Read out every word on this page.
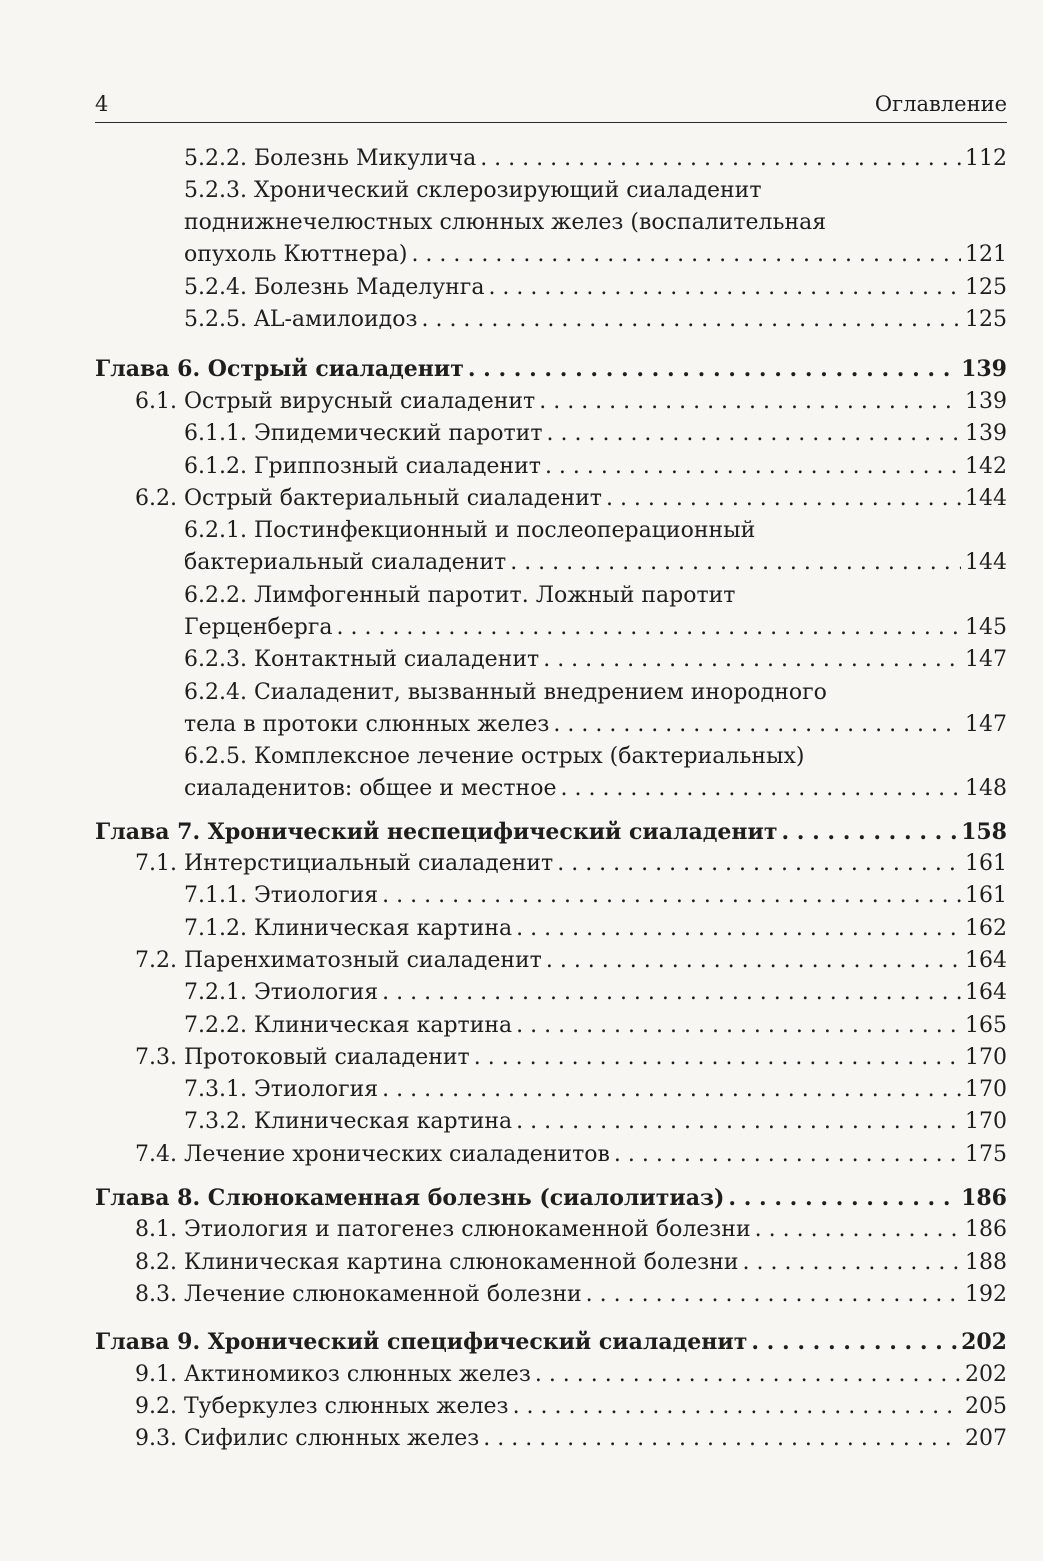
4	Оглавление
5.2.2. Болезнь Микулича . . .	112
5.2.3. Хронический склерозирующий сиаладенит
поднижнечелюстных слюнных желез (воспалительная
опухоль Кюттнера) . . .	121
5.2.4. Болезнь Маделунга . . .	125
5.2.5. AL-амилоидоз . . .	125
Глава 6. Острый сиаладенит . . .	139
6.1. Острый вирусный сиаладенит . . .	139
6.1.1. Эпидемический паротит . . .	139
6.1.2. Гриппозный сиаладенит . . .	142
6.2. Острый бактериальный сиаладенит . . .	144
6.2.1. Постинфекционный и послеоперационный
бактериальный сиаладенит . . .	144
6.2.2. Лимфогенный паротит. Ложный паротит
Герценберга . . .	145
6.2.3. Контактный сиаладенит . . .	147
6.2.4. Сиаладенит, вызванный внедрением инородного
тела в протоки слюнных желез . . .	147
6.2.5. Комплексное лечение острых (бактериальных)
сиаладенитов: общее и местное . . .	148
Глава 7. Хронический неспецифический сиаладенит . . .	158
7.1. Интерстициальный сиаладенит . . .	161
7.1.1. Этиология . . .	161
7.1.2. Клиническая картина . . .	162
7.2. Паренхиматозный сиаладенит . . .	164
7.2.1. Этиология . . .	164
7.2.2. Клиническая картина . . .	165
7.3. Протоковый сиаладенит . . .	170
7.3.1. Этиология . . .	170
7.3.2. Клиническая картина . . .	170
7.4. Лечение хронических сиаладенитов . . .	175
Глава 8. Слюнокаменная болезнь (сиалолитиаз) . . .	186
8.1. Этиология и патогенез слюнокаменной болезни . . .	186
8.2. Клиническая картина слюнокаменной болезни . . .	188
8.3. Лечение слюнокаменной болезни . . .	192
Глава 9. Хронический специфический сиаладенит . . .	202
9.1. Актиномикоз слюнных желез . . .	202
9.2. Туберкулез слюнных желез . . .	205
9.3. Сифилис слюнных желез . . .	207
